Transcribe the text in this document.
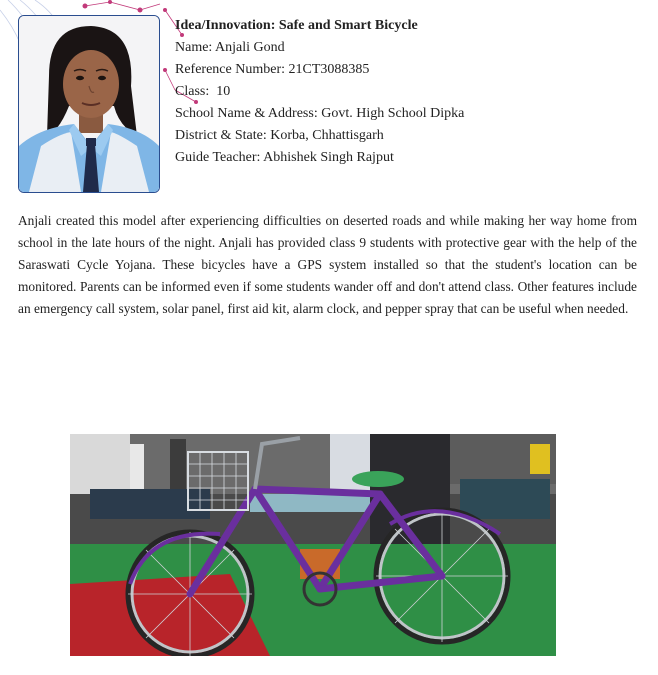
Idea/Innovation: Safe and Smart Bicycle
Name: Anjali Gond
Reference Number: 21CT3088385
Class:  10
School Name & Address: Govt. High School Dipka
District & State: Korba, Chhattisgarh
Guide Teacher: Abhishek Singh Rajput

Anjali created this model after experiencing difficulties on deserted roads and while making her way home from school in the late hours of the night. Anjali has provided class 9 students with protective gear with the help of the Saraswati Cycle Yojana. These bicycles have a GPS system installed so that the student's location can be monitored. Parents can be informed even if some students wander off and don't attend class. Other features include an emergency call system, solar panel, first aid kit, alarm clock, and pepper spray that can be useful when needed.
